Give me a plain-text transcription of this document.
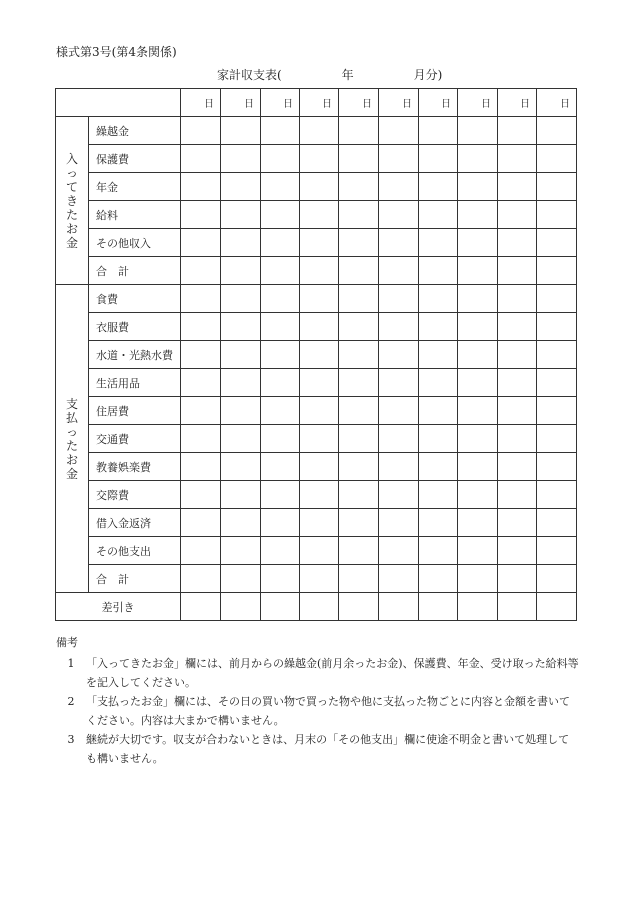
様式第3号(第4条関係)
家計収支表(　　　　　年　　　　　月分)
		日	日	日	日	日	日	日	日	日	日
入ってきたお金	繰越金										
	保護費										
	年金										
	給料										
	その他収入										
	合　計										
支払ったお金	食費										
	衣服費										
	水道・光熱水費										
	生活用品										
	住居費										
	交通費										
	教養娯楽費										
	交際費										
	借入金返済										
	その他支出										
	合　計										
差引き											
備考
1	「入ってきたお金」欄には、前月からの繰越金(前月余ったお金)、保護費、年金、受け取った給料等を記入してください。
2	「支払ったお金」欄には、その日の買い物で買った物や他に支払った物ごとに内容と金額を書いてください。内容は大まかで構いません。
3	継続が大切です。収支が合わないときは、月末の「その他支出」欄に使途不明金と書いて処理しても構いません。
